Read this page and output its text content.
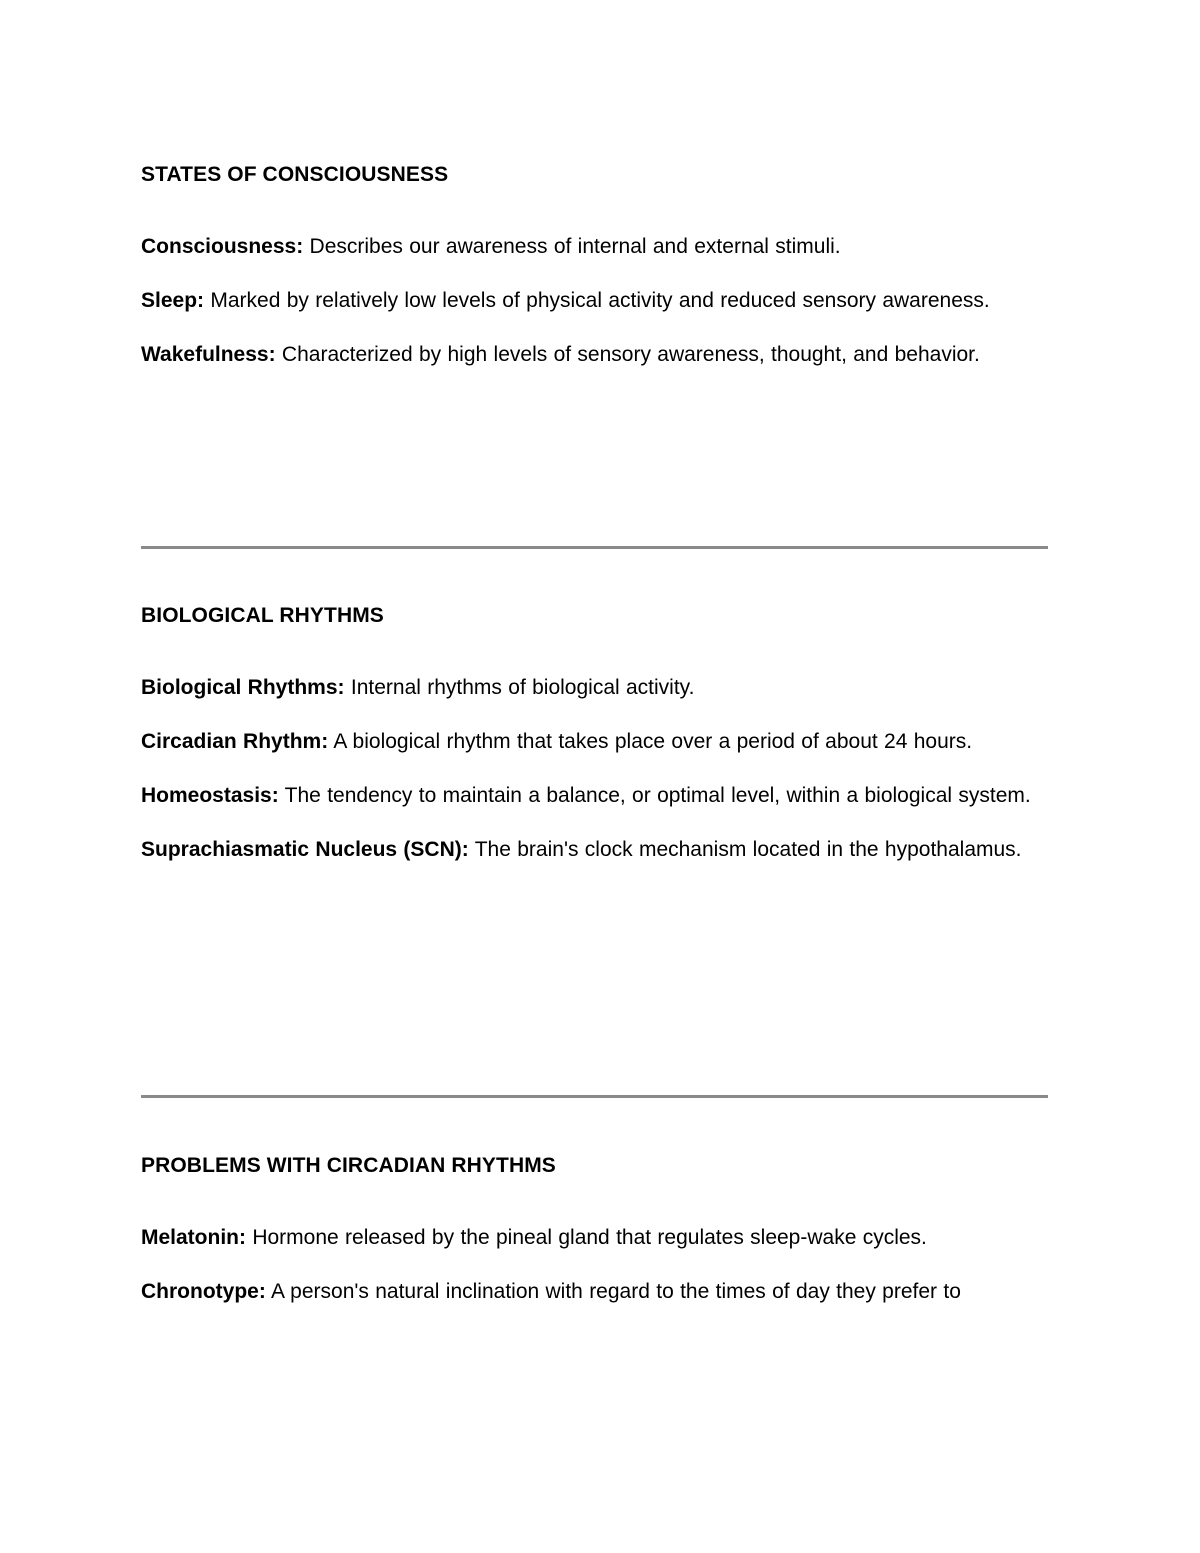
STATES OF CONSCIOUSNESS

Consciousness: Describes our awareness of internal and external stimuli.

Sleep: Marked by relatively low levels of physical activity and reduced sensory awareness.

Wakefulness: Characterized by high levels of sensory awareness, thought, and behavior.

BIOLOGICAL RHYTHMS

Biological Rhythms: Internal rhythms of biological activity.

Circadian Rhythm: A biological rhythm that takes place over a period of about 24 hours.

Homeostasis: The tendency to maintain a balance, or optimal level, within a biological system.

Suprachiasmatic Nucleus (SCN): The brain's clock mechanism located in the hypothalamus.

PROBLEMS WITH CIRCADIAN RHYTHMS

Melatonin: Hormone released by the pineal gland that regulates sleep-wake cycles.

Chronotype: A person's natural inclination with regard to the times of day they prefer to
